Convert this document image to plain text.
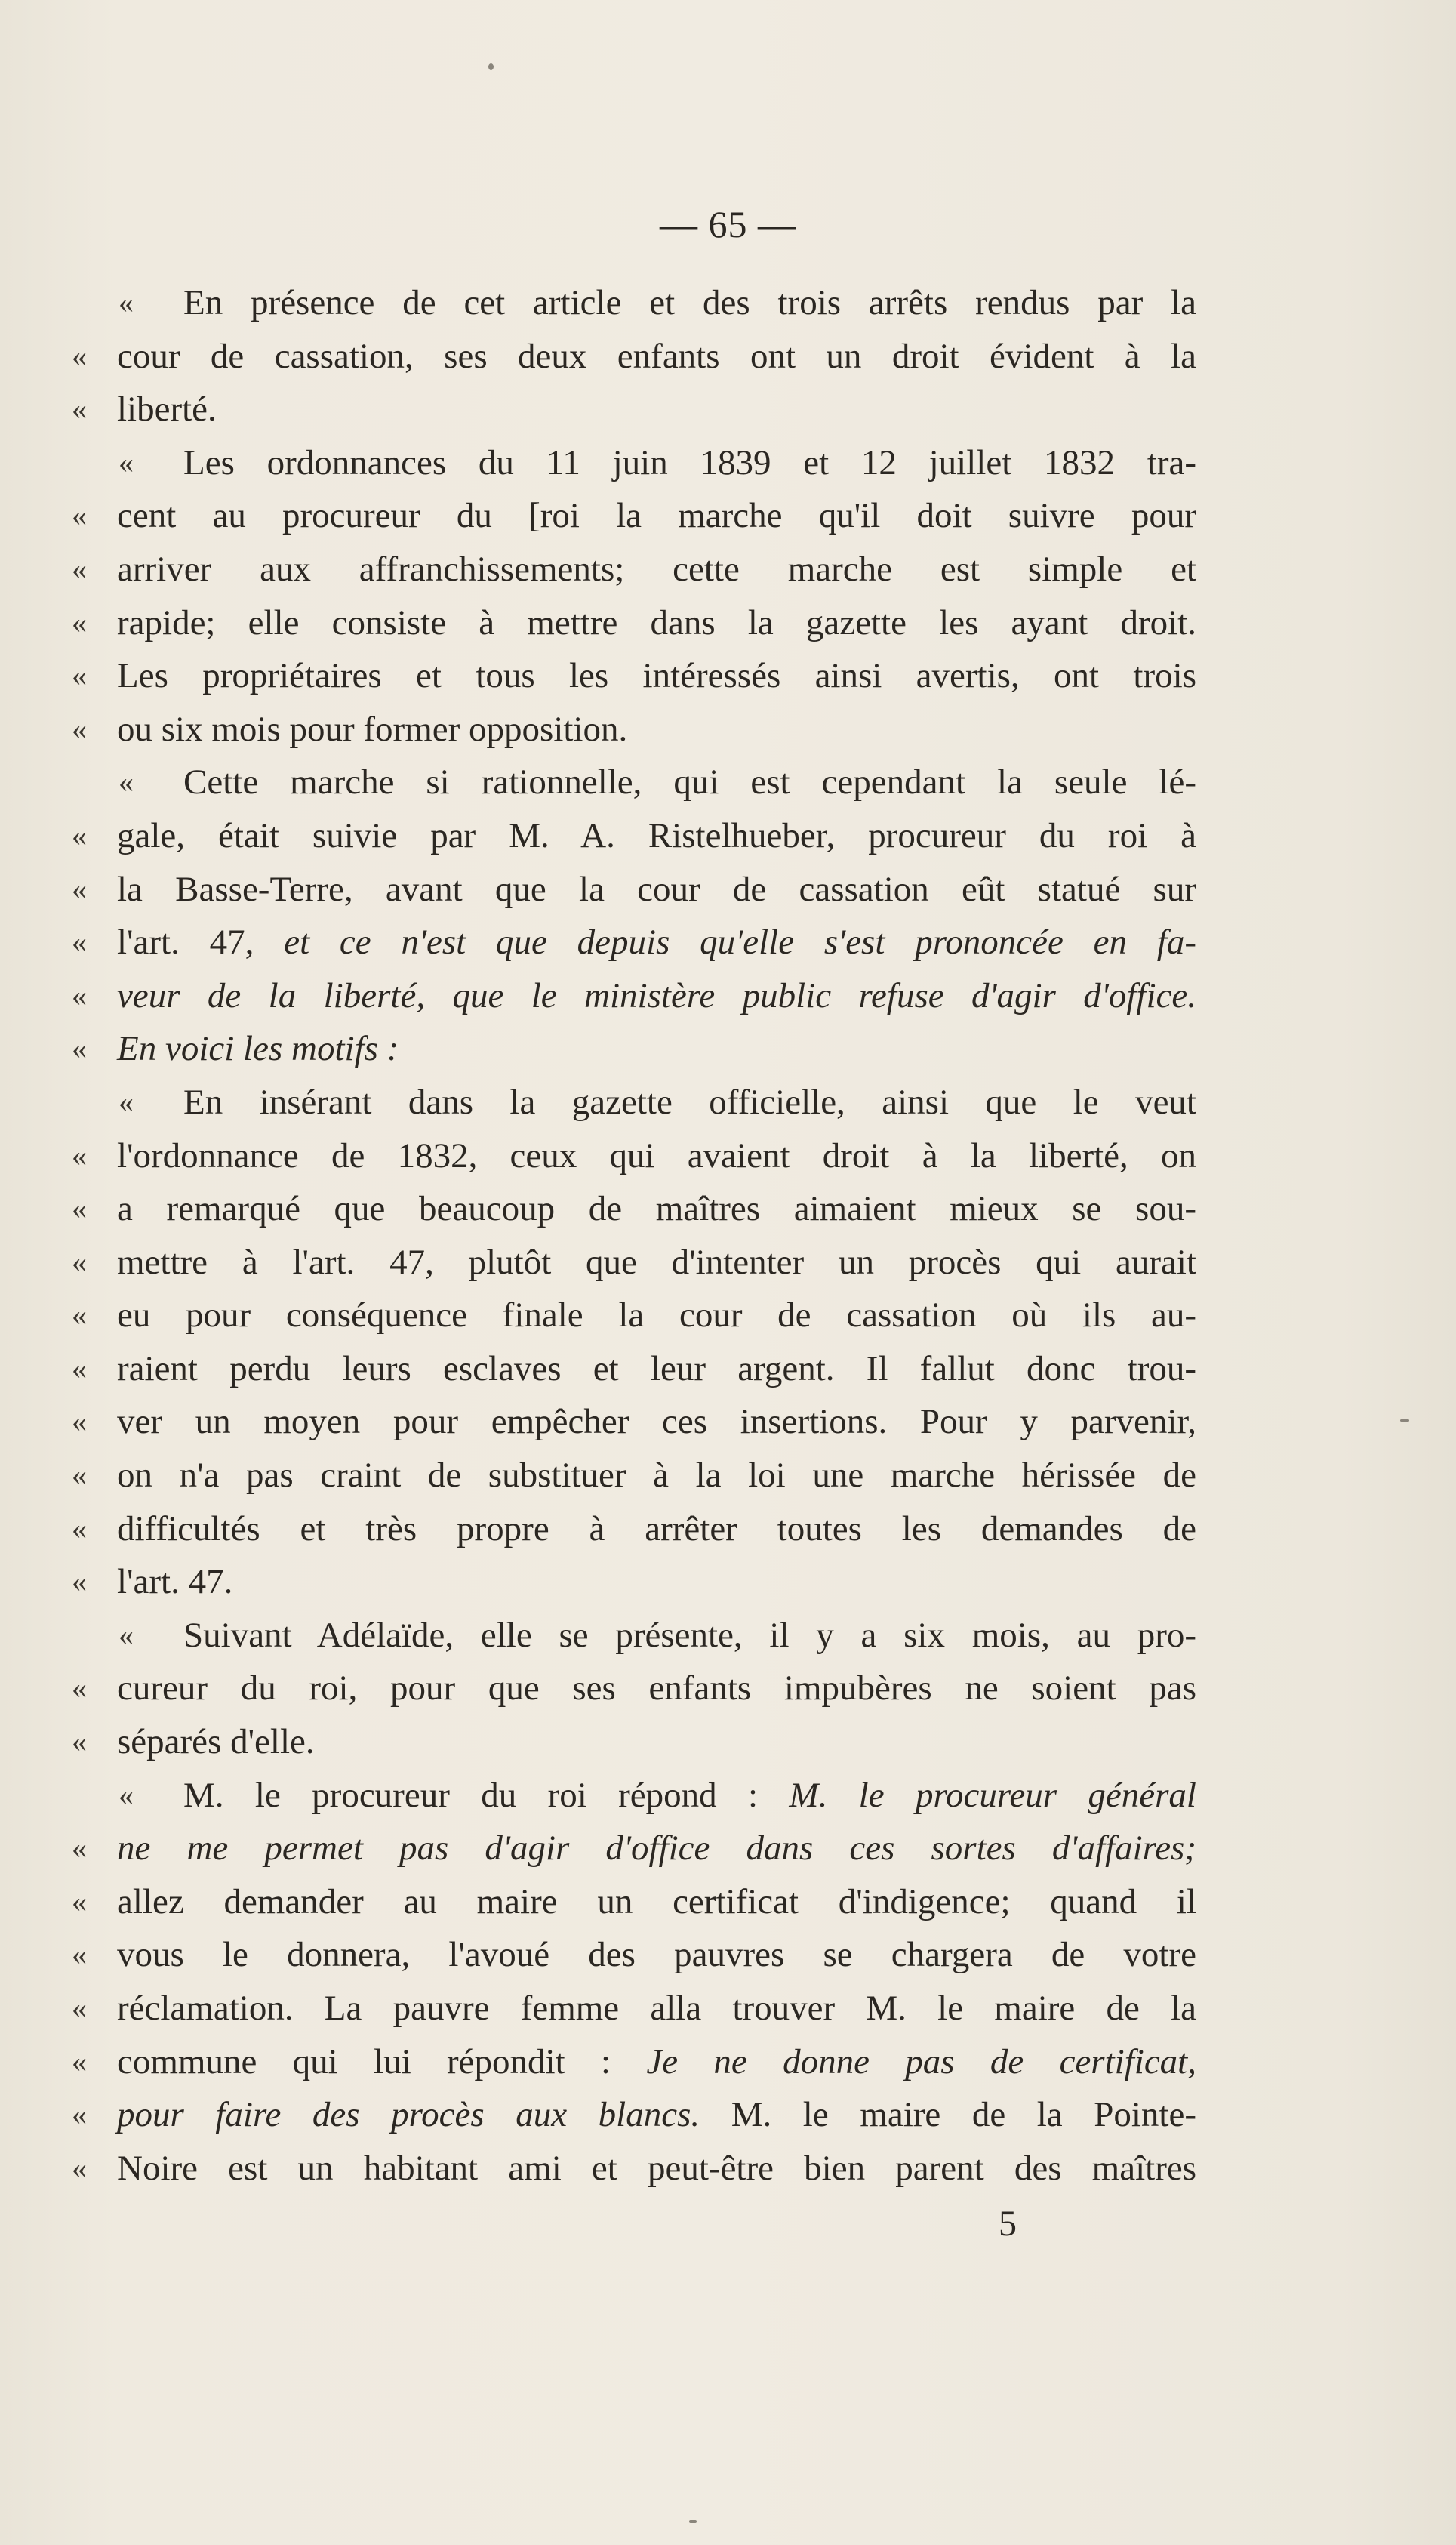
— 65 —
«	En présence de cet article et des trois arrêts rendus par la
« cour de cassation, ses deux enfants ont un droit évident à la
« liberté.
«	Les ordonnances du 11 juin 1839 et 12 juillet 1832 tra-
« cent au procureur du [roi la marche qu'il doit suivre pour
« arriver aux affranchissements; cette marche est simple et
« rapide; elle consiste à mettre dans la gazette les ayant droit.
« Les propriétaires et tous les intéressés ainsi avertis, ont trois
« ou six mois pour former opposition.
«	Cette marche si rationnelle, qui est cependant la seule lé-
« gale, était suivie par M. A. Ristelhueber, procureur du roi à
« la Basse-Terre, avant que la cour de cassation eût statué sur
« l'art. 47, et ce n'est que depuis qu'elle s'est prononcée en fa-
« veur de la liberté, que le ministère public refuse d'agir d'office.
« En voici les motifs :
«	En insérant dans la gazette officielle, ainsi que le veut
« l'ordonnance de 1832, ceux qui avaient droit à la liberté, on
« a remarqué que beaucoup de maîtres aimaient mieux se sou-
« mettre à l'art. 47, plutôt que d'intenter un procès qui aurait
« eu pour conséquence finale la cour de cassation où ils au-
« raient perdu leurs esclaves et leur argent. Il fallut donc trou-
« ver un moyen pour empêcher ces insertions. Pour y parvenir,
« on n'a pas craint de substituer à la loi une marche hérissée de
« difficultés et très propre à arrêter toutes les demandes de
« l'art. 47.
«	Suivant Adélaïde, elle se présente, il y a six mois, au pro-
« cureur du roi, pour que ses enfants impubères ne soient pas
« séparés d'elle.
«	M. le procureur du roi répond : M. le procureur général
« ne me permet pas d'agir d'office dans ces sortes d'affaires;
« allez demander au maire un certificat d'indigence; quand il
« vous le donnera, l'avoué des pauvres se chargera de votre
« réclamation. La pauvre femme alla trouver M. le maire de la
« commune qui lui répondit : Je ne donne pas de certificat,
« pour faire des procès aux blancs. M. le maire de la Pointe-
« Noire est un habitant ami et peut-être bien parent des maîtres
5
